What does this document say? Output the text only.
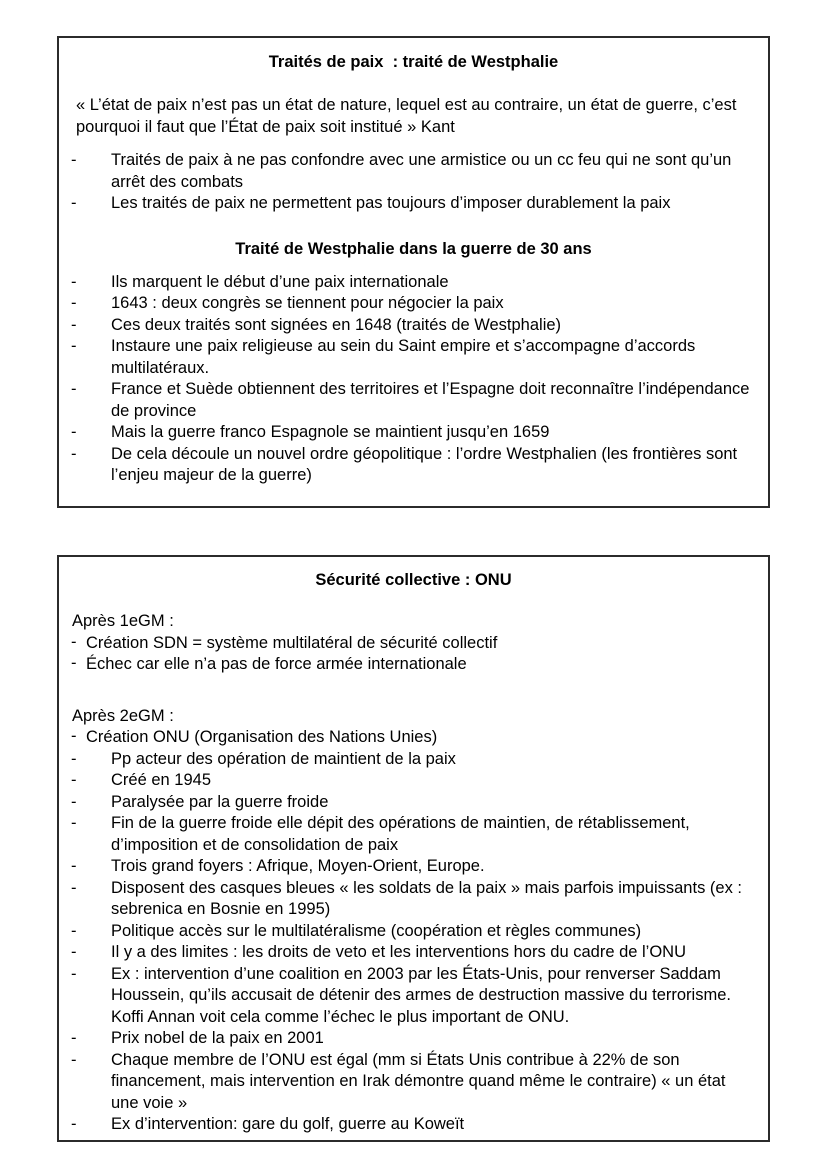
Traités de paix  : traité de Westphalie

« L’état de paix n’est pas un état de nature, lequel est au contraire, un état de guerre, c’est pourquoi il faut que l’État de paix soit institué » Kant

- Traités de paix à ne pas confondre avec une armistice ou un cc feu qui ne sont qu’un arrêt des combats
- Les traités de paix ne permettent pas toujours d’imposer durablement la paix
Traité de Westphalie dans la guerre de 30 ans
- Ils marquent le début d’une paix internationale
- 1643 : deux congrès se tiennent pour négocier la paix
- Ces deux traités sont signées en 1648 (traités de Westphalie)
- Instaure une paix religieuse au sein du Saint empire et s’accompagne d’accords multilatéraux.
- France et Suède obtiennent des territoires et l’Espagne doit reconnaître l’indépendance de province
- Mais la guerre franco Espagnole se maintient jusqu’en 1659
- De cela découle un nouvel ordre géopolitique : l’ordre Westphalien (les frontières sont l’enjeu majeur de la guerre)
Sécurité collective : ONU
Après 1eGM :
- Création SDN = système multilatéral de sécurité collectif
- Échec car elle n’a pas de force armée internationale
Après 2eGM :
- Création ONU (Organisation des Nations Unies)
- Pp acteur des opération de maintient de la paix
- Créé en 1945
- Paralysée par la guerre froide
- Fin de la guerre froide elle dépit des opérations de maintien, de rétablissement, d’imposition et de consolidation de paix
- Trois grand foyers : Afrique, Moyen-Orient, Europe.
- Disposent des casques bleues « les soldats de la paix » mais parfois impuissants (ex : sebrenica en Bosnie en 1995)
- Politique accès sur le multilatéralisme (coopération et règles communes)
- Il y a des limites : les droits de veto et les interventions hors du cadre de l’ONU
- Ex : intervention d’une coalition en 2003 par les États-Unis, pour renverser Saddam Houssein, qu’ils accusait de détenir des armes de destruction massive du terrorisme. Koffi Annan voit cela comme l’échec le plus important de ONU.
- Prix nobel de la paix en 2001
- Chaque membre de l’ONU est égal (mm si États Unis contribue à 22% de son financement, mais intervention en Irak démontre quand même le contraire) « un état une voie »
- Ex d’intervention: gare du golf, guerre au Koweït
